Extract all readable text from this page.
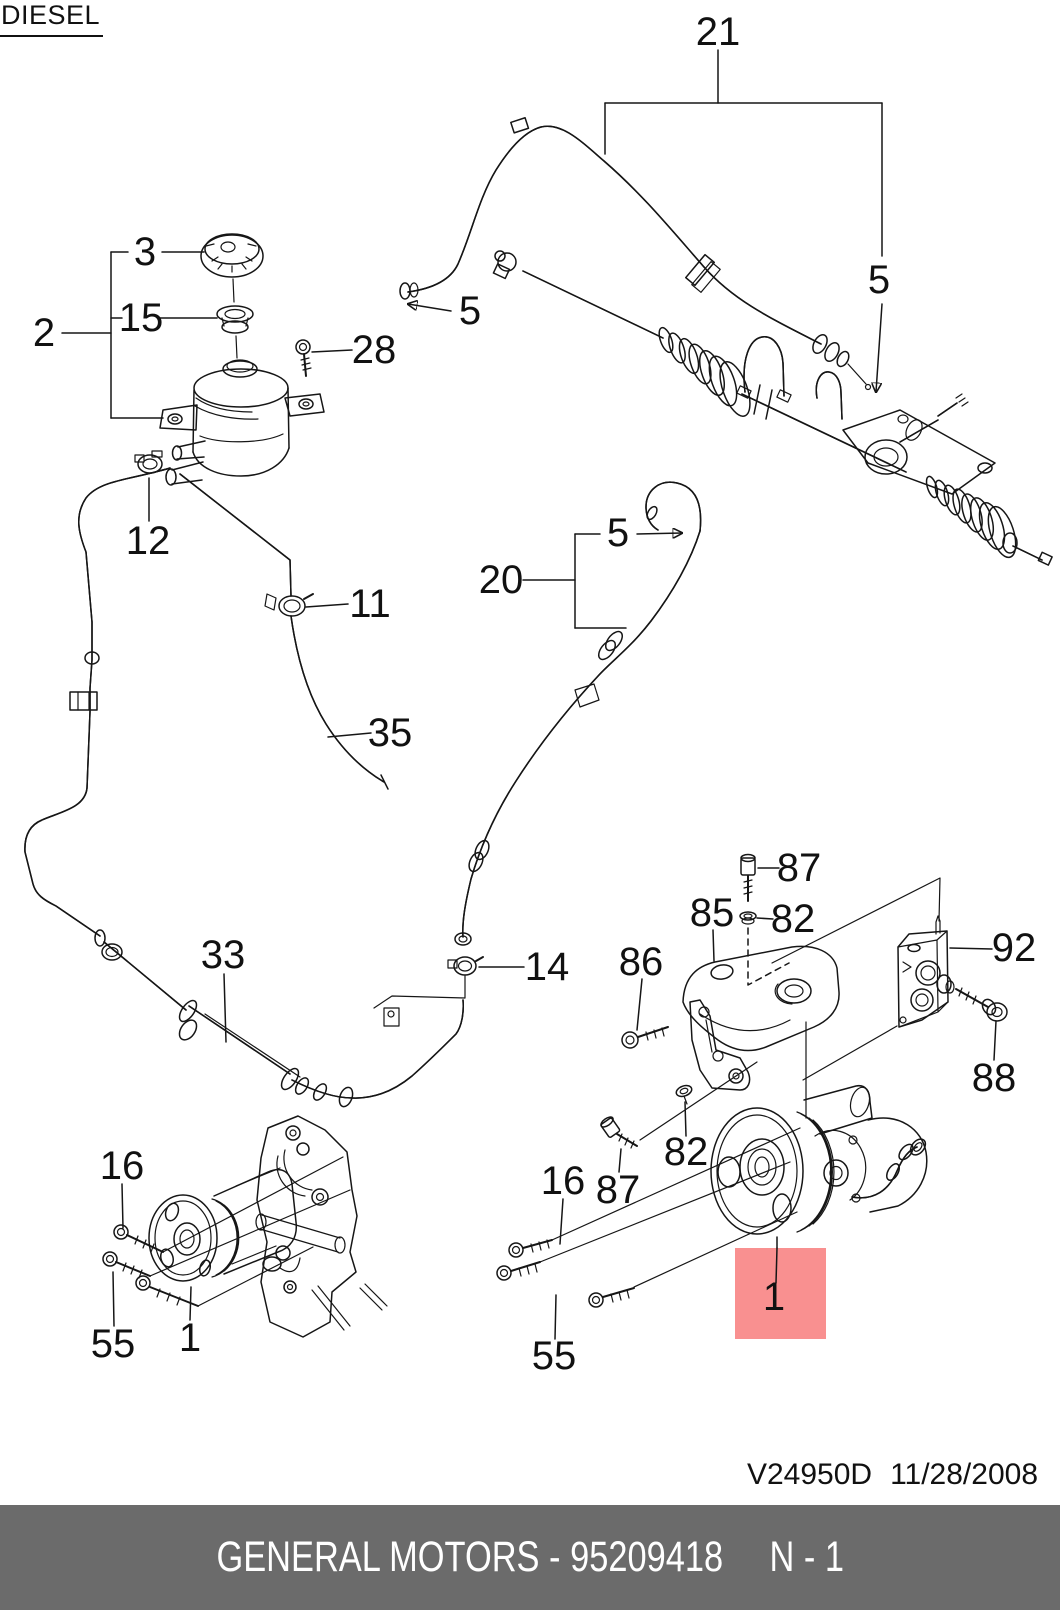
21
5
3
15
2	28
12
11
20
5
5
35
33	14
16
55 1
87
85 82
86	92
88
82
87
16
55
1
DIESEL
V24950D 11/28/2008
GENERAL MOTORS - 95209418 N - 1
